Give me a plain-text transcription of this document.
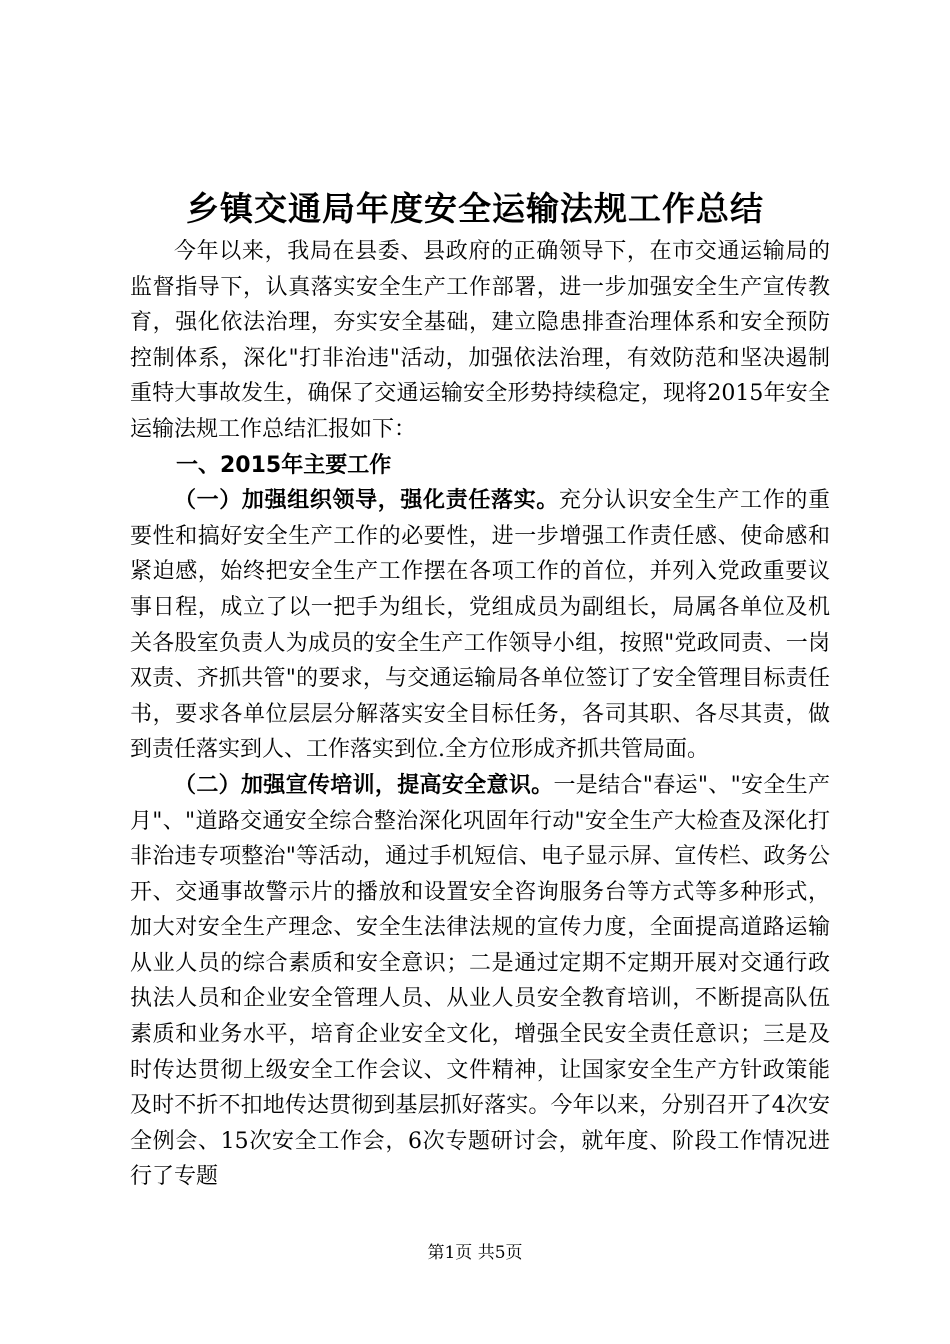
乡镇交通局年度安全运输法规工作总结

今年以来，我局在县委、县政府的正确领导下，在市交通运输局的监督指导下，认真落实安全生产工作部署，进一步加强安全生产宣传教育，强化依法治理，夯实安全基础，建立隐患排查治理体系和安全预防控制体系，深化"打非治违"活动，加强依法治理，有效防范和坚决遏制重特大事故发生，确保了交通运输安全形势持续稳定，现将2015年安全运输法规工作总结汇报如下：

一、2015年主要工作

（一）加强组织领导，强化责任落实。充分认识安全生产工作的重要性和搞好安全生产工作的必要性，进一步增强工作责任感、使命感和紧迫感，始终把安全生产工作摆在各项工作的首位，并列入党政重要议事日程，成立了以一把手为组长，党组成员为副组长，局属各单位及机关各股室负责人为成员的安全生产工作领导小组，按照"党政同责、一岗双责、齐抓共管"的要求，与交通运输局各单位签订了安全管理目标责任书，要求各单位层层分解落实安全目标任务，各司其职、各尽其责，做到责任落实到人、工作落实到位.全方位形成齐抓共管局面。

（二）加强宣传培训，提高安全意识。一是结合"春运"、"安全生产月"、"道路交通安全综合整治深化巩固年行动"安全生产大检查及深化打非治违专项整治"等活动，通过手机短信、电子显示屏、宣传栏、政务公开、交通事故警示片的播放和设置安全咨询服务台等方式等多种形式，加大对安全生产理念、安全生法律法规的宣传力度，全面提高道路运输从业人员的综合素质和安全意识；二是通过定期不定期开展对交通行政执法人员和企业安全管理人员、从业人员安全教育培训，不断提高队伍素质和业务水平，培育企业安全文化，增强全民安全责任意识；三是及时传达贯彻上级安全工作会议、文件精神，让国家安全生产方针政策能及时不折不扣地传达贯彻到基层抓好落实。今年以来，分别召开了4次安全例会、15次安全工作会，6次专题研讨会，就年度、阶段工作情况进行了专题

第1页 共5页
